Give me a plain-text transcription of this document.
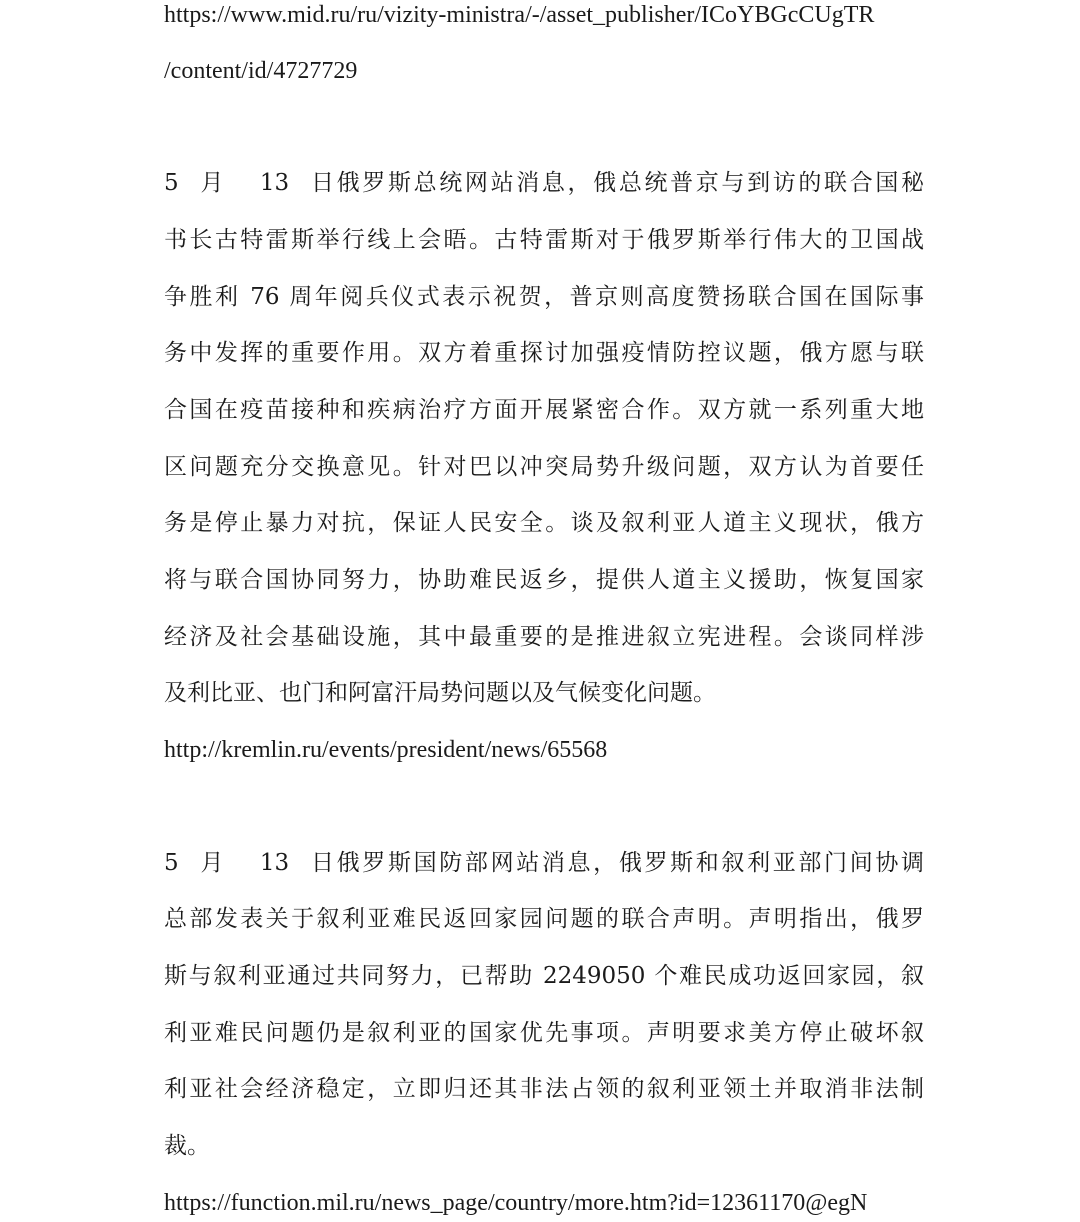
https://www.mid.ru/ru/vizity-ministra/-/asset_publisher/ICoYBGcCUgTR
/content/id/4727729
5 月 13 日俄罗斯总统网站消息，俄总统普京与到访的联合国秘
书长古特雷斯举行线上会晤。古特雷斯对于俄罗斯举行伟大的卫国战
争胜利 76 周年阅兵仪式表示祝贺，普京则高度赞扬联合国在国际事
务中发挥的重要作用。双方着重探讨加强疫情防控议题，俄方愿与联
合国在疫苗接种和疾病治疗方面开展紧密合作。双方就一系列重大地
区问题充分交换意见。针对巴以冲突局势升级问题，双方认为首要任
务是停止暴力对抗，保证人民安全。谈及叙利亚人道主义现状，俄方
将与联合国协同努力，协助难民返乡，提供人道主义援助，恢复国家
经济及社会基础设施，其中最重要的是推进叙立宪进程。会谈同样涉
及利比亚、也门和阿富汗局势问题以及气候变化问题。
http://kremlin.ru/events/president/news/65568
5 月 13 日俄罗斯国防部网站消息，俄罗斯和叙利亚部门间协调
总部发表关于叙利亚难民返回家园问题的联合声明。声明指出，俄罗
斯与叙利亚通过共同努力，已帮助 2249050 个难民成功返回家园，叙
利亚难民问题仍是叙利亚的国家优先事项。声明要求美方停止破坏叙
利亚社会经济稳定，立即归还其非法占领的叙利亚领土并取消非法制
裁。
https://function.mil.ru/news_page/country/more.htm?id=12361170@egN
